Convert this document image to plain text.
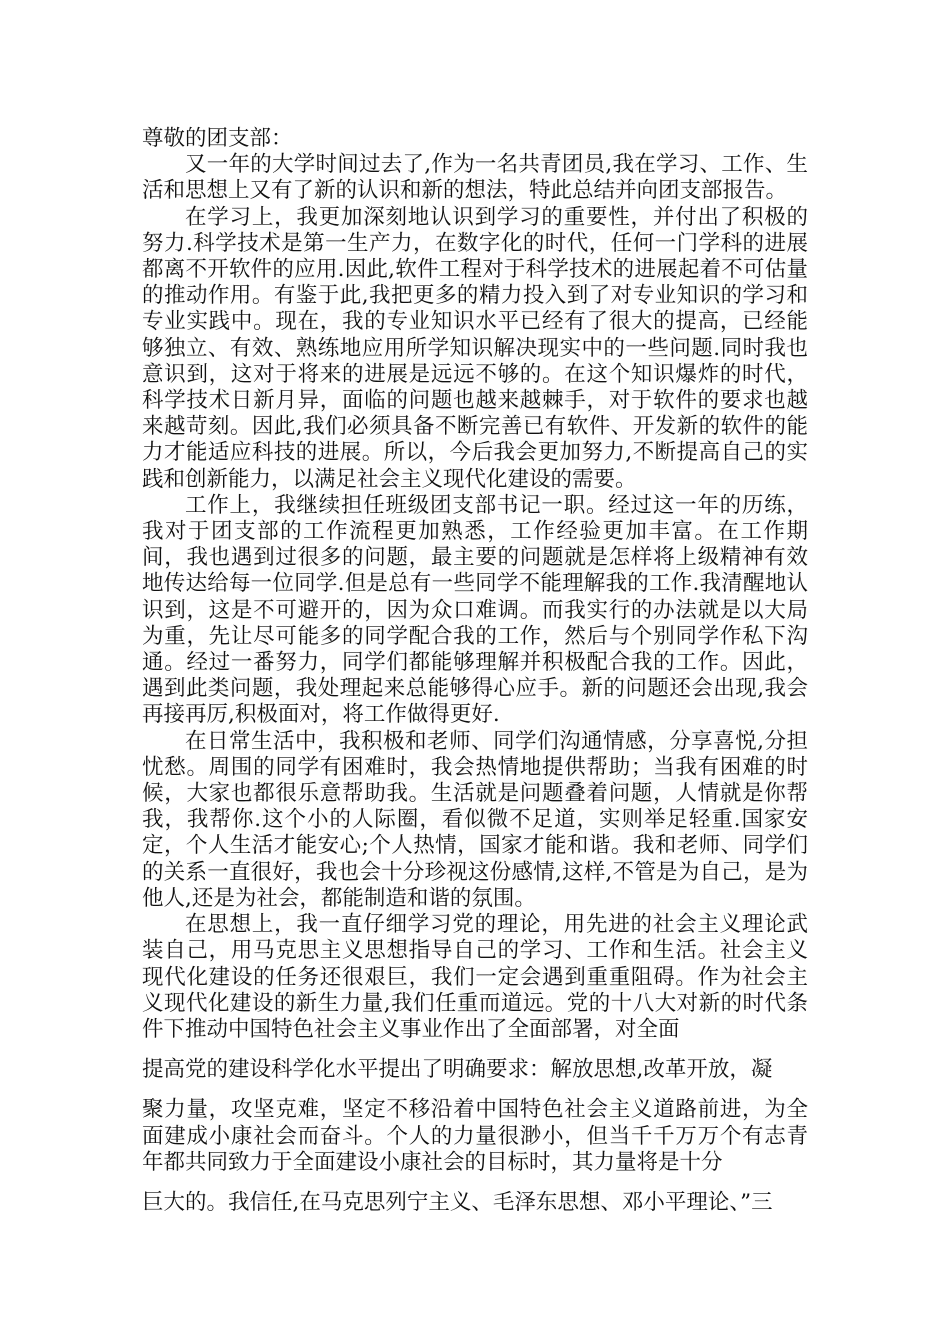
尊敬的团支部：

又一年的大学时间过去了,作为一名共青团员,我在学习、工作、生活和思想上又有了新的认识和新的想法，特此总结并向团支部报告。

在学习上，我更加深刻地认识到学习的重要性，并付出了积极的努力.科学技术是第一生产力，在数字化的时代，任何一门学科的进展都离不开软件的应用.因此,软件工程对于科学技术的进展起着不可估量的推动作用。有鉴于此,我把更多的精力投入到了对专业知识的学习和专业实践中。现在，我的专业知识水平已经有了很大的提高，已经能够独立、有效、熟练地应用所学知识解决现实中的一些问题.同时我也意识到，这对于将来的进展是远远不够的。在这个知识爆炸的时代，科学技术日新月异，面临的问题也越来越棘手，对于软件的要求也越来越苛刻。因此,我们必须具备不断完善已有软件、开发新的软件的能力才能适应科技的进展。所以，今后我会更加努力,不断提高自己的实践和创新能力，以满足社会主义现代化建设的需要。

工作上，我继续担任班级团支部书记一职。经过这一年的历练，我对于团支部的工作流程更加熟悉，工作经验更加丰富。在工作期间，我也遇到过很多的问题，最主要的问题就是怎样将上级精神有效地传达给每一位同学.但是总有一些同学不能理解我的工作.我清醒地认识到，这是不可避开的，因为众口难调。而我实行的办法就是以大局为重，先让尽可能多的同学配合我的工作，然后与个别同学作私下沟通。经过一番努力，同学们都能够理解并积极配合我的工作。因此，遇到此类问题，我处理起来总能够得心应手。新的问题还会出现,我会再接再厉,积极面对，将工作做得更好.

在日常生活中，我积极和老师、同学们沟通情感，分享喜悦,分担忧愁。周围的同学有困难时，我会热情地提供帮助；当我有困难的时候，大家也都很乐意帮助我。生活就是问题叠着问题，人情就是你帮我，我帮你.这个小的人际圈，看似微不足道，实则举足轻重.国家安定，个人生活才能安心;个人热情，国家才能和谐。我和老师、同学们的关系一直很好，我也会十分珍视这份感情,这样,不管是为自己，是为他人,还是为社会，都能制造和谐的氛围。

在思想上，我一直仔细学习党的理论，用先进的社会主义理论武装自己，用马克思主义思想指导自己的学习、工作和生活。社会主义现代化建设的任务还很艰巨，我们一定会遇到重重阻碍。作为社会主义现代化建设的新生力量,我们任重而道远。党的十八大对新的时代条件下推动中国特色社会主义事业作出了全面部署，对全面

提高党的建设科学化水平提出了明确要求：解放思想,改革开放，凝

聚力量，攻坚克难，坚定不移沿着中国特色社会主义道路前进，为全面建成小康社会而奋斗。个人的力量很渺小，但当千千万万个有志青年都共同致力于全面建设小康社会的目标时，其力量将是十分

巨大的。我信任,在马克思列宁主义、毛泽东思想、邓小平理论、”三
